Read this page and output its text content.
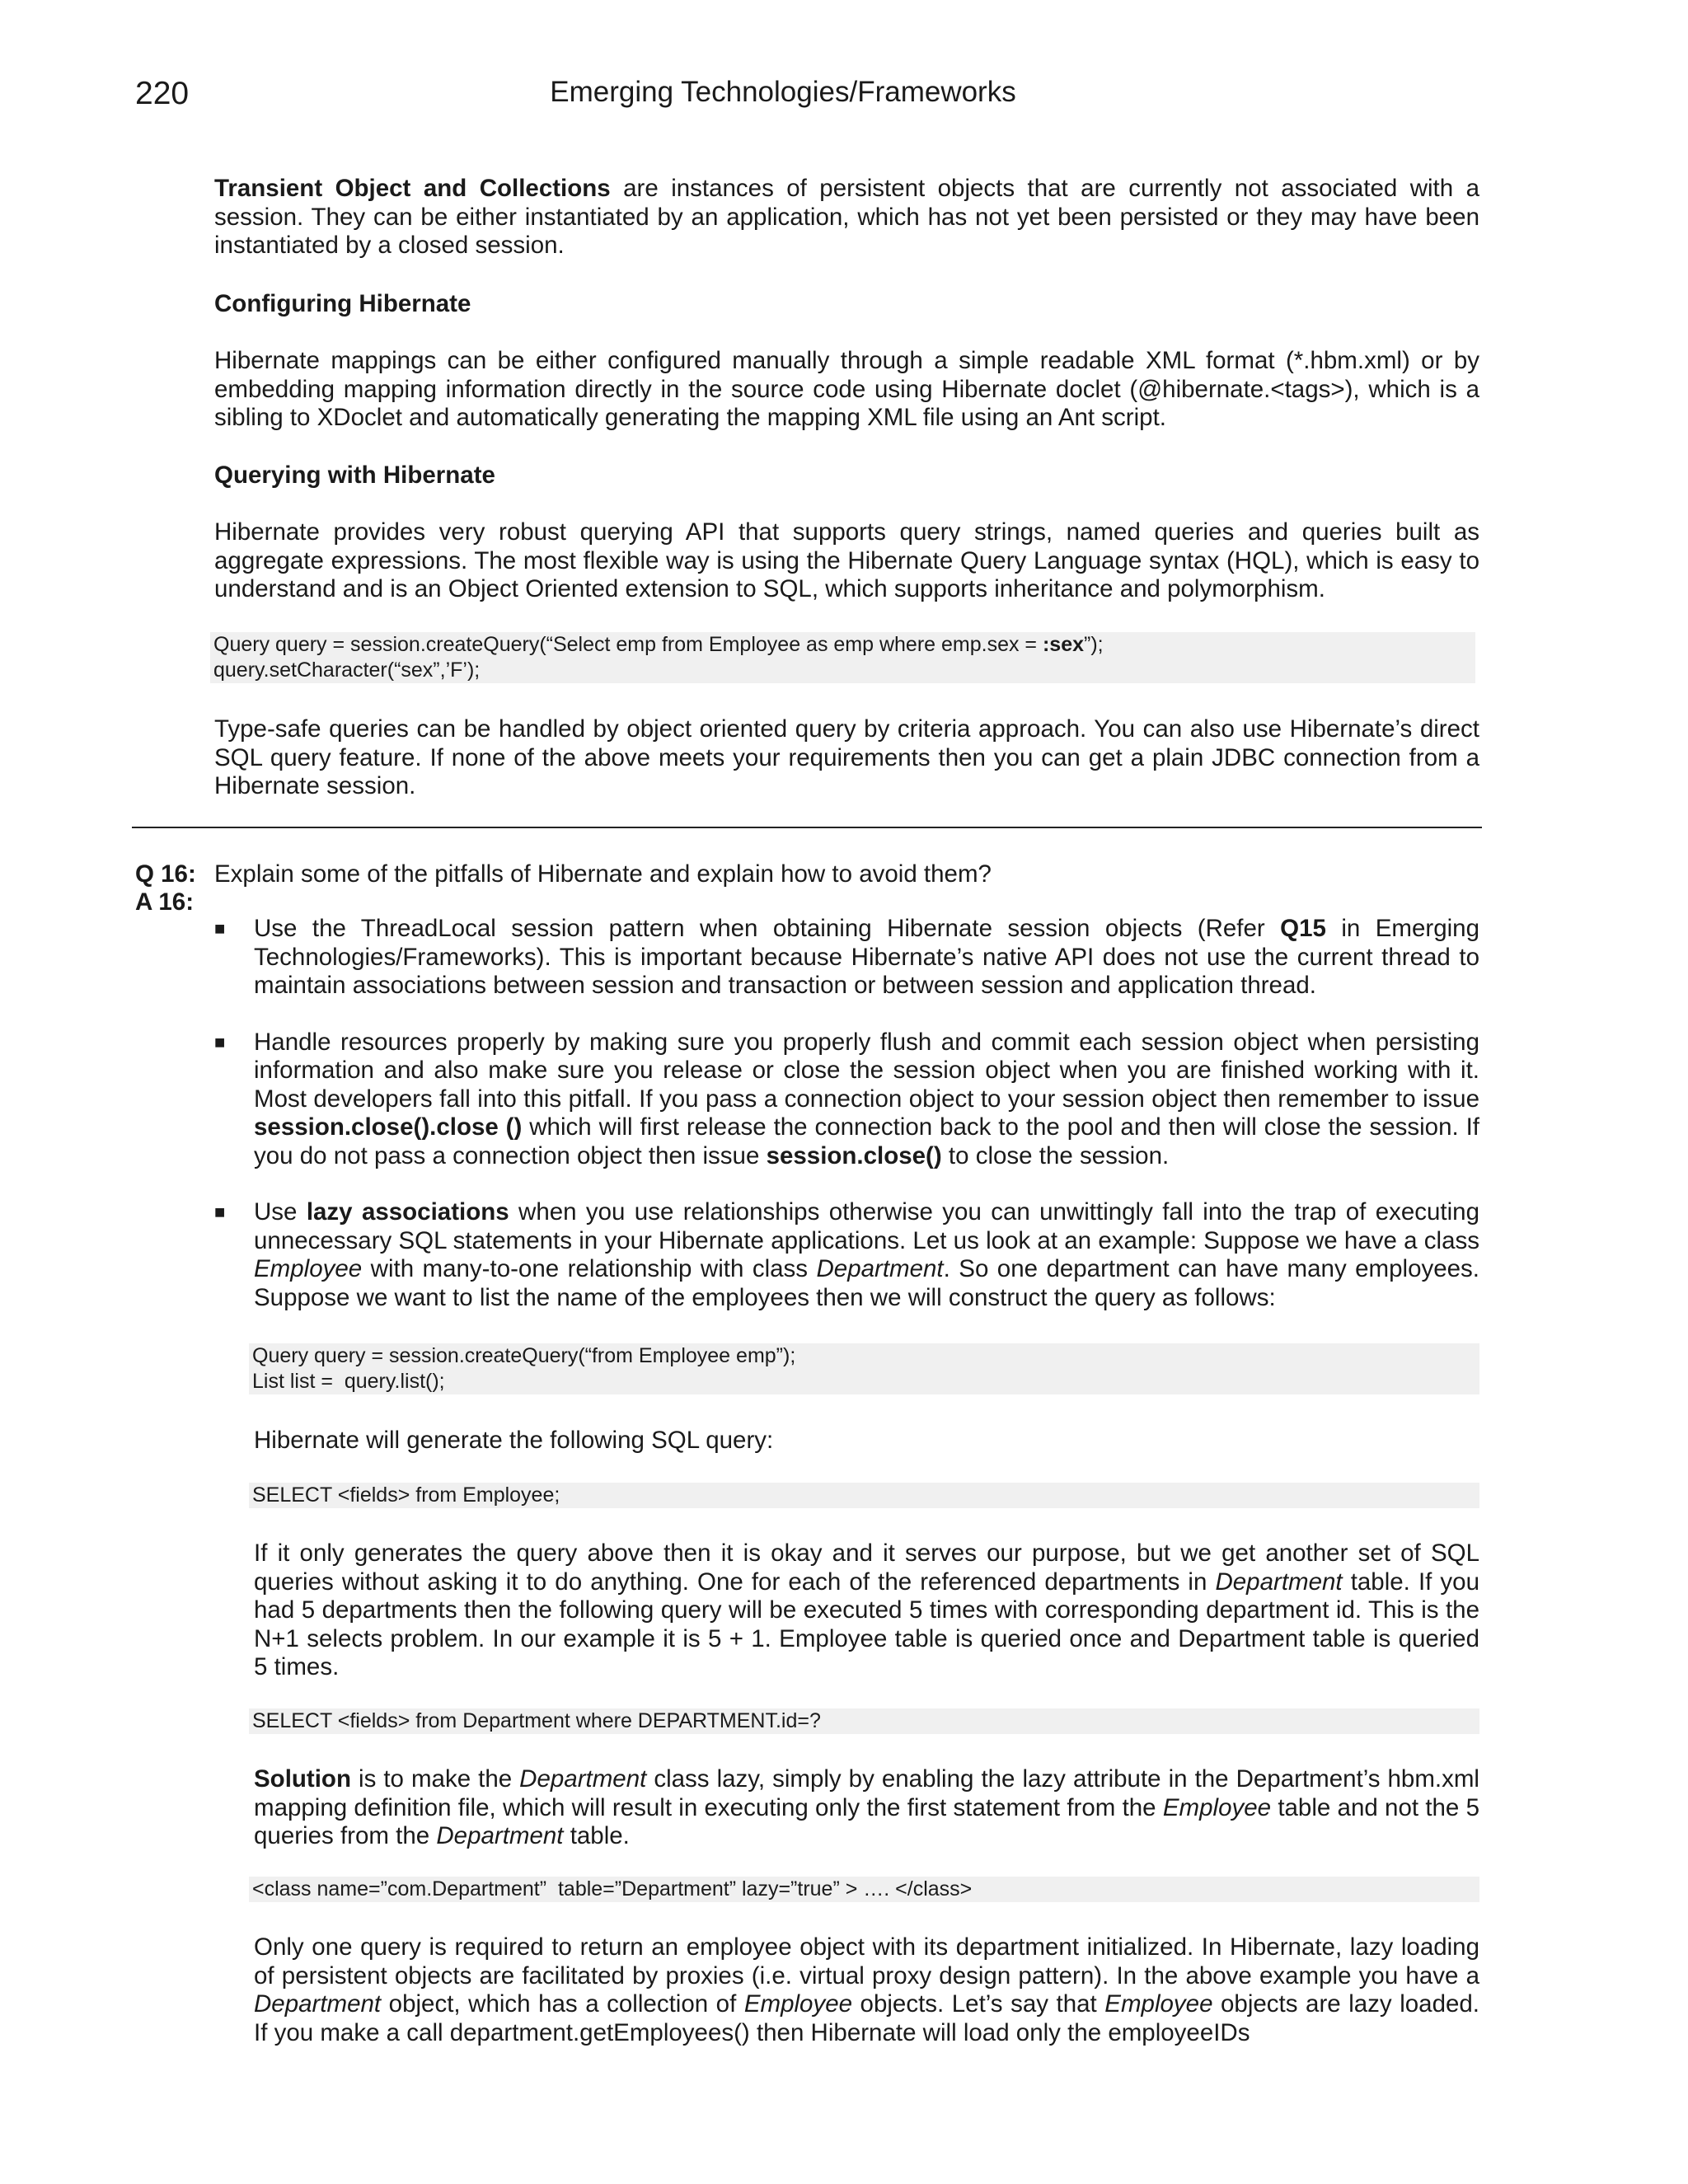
220	Emerging Technologies/Frameworks

Transient Object and Collections are instances of persistent objects that are currently not associated with a session. They can be either instantiated by an application, which has not yet been persisted or they may have been instantiated by a closed session.

Configuring Hibernate

Hibernate mappings can be either configured manually through a simple readable XML format (*.hbm.xml) or by embedding mapping information directly in the source code using Hibernate doclet (@hibernate.<tags>), which is a sibling to XDoclet and automatically generating the mapping XML file using an Ant script.

Querying with Hibernate

Hibernate provides very robust querying API that supports query strings, named queries and queries built as aggregate expressions. The most flexible way is using the Hibernate Query Language syntax (HQL), which is easy to understand and is an Object Oriented extension to SQL, which supports inheritance and polymorphism.

Query query = session.createQuery(“Select emp from Employee as emp where emp.sex = :sex”);
query.setCharacter(“sex”,’F’);

Type-safe queries can be handled by object oriented query by criteria approach. You can also use Hibernate’s direct SQL query feature. If none of the above meets your requirements then you can get a plain JDBC connection from a Hibernate session.

Q 16:
A 16:
Explain some of the pitfalls of Hibernate and explain how to avoid them?
■ Use the ThreadLocal session pattern when obtaining Hibernate session objects (Refer Q15 in Emerging Technologies/Frameworks). This is important because Hibernate’s native API does not use the current thread to maintain associations between session and transaction or between session and application thread.

■ Handle resources properly by making sure you properly flush and commit each session object when persisting information and also make sure you release or close the session object when you are finished working with it. Most developers fall into this pitfall. If you pass a connection object to your session object then remember to issue session.close().close () which will first release the connection back to the pool and then will close the session. If you do not pass a connection object then issue session.close() to close the session.

■ Use lazy associations when you use relationships otherwise you can unwittingly fall into the trap of executing unnecessary SQL statements in your Hibernate applications. Let us look at an example: Suppose we have a class Employee with many-to-one relationship with class Department. So one department can have many employees. Suppose we want to list the name of the employees then we will construct the query as follows:

Query query = session.createQuery(“from Employee emp”);
List list =  query.list();

Hibernate will generate the following SQL query:

SELECT <fields> from Employee;

If it only generates the query above then it is okay and it serves our purpose, but we get another set of SQL queries without asking it to do anything. One for each of the referenced departments in Department table. If you had 5 departments then the following query will be executed 5 times with corresponding department id. This is the N+1 selects problem. In our example it is 5 + 1. Employee table is queried once and Department table is queried 5 times.

SELECT <fields> from Department where DEPARTMENT.id=?

Solution is to make the Department class lazy, simply by enabling the lazy attribute in the Department’s hbm.xml mapping definition file, which will result in executing only the first statement from the Employee table and not the 5 queries from the Department table.

<class name=”com.Department”  table=”Department” lazy=”true” > …. </class>

Only one query is required to return an employee object with its department initialized. In Hibernate, lazy loading of persistent objects are facilitated by proxies (i.e. virtual proxy design pattern). In the above example you have a Department object, which has a collection of Employee objects. Let’s say that Employee objects are lazy loaded. If you make a call department.getEmployees() then Hibernate will load only the employeeIDs
